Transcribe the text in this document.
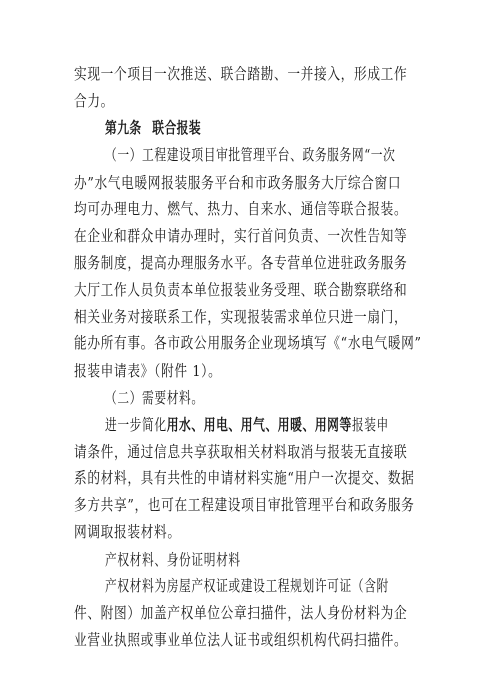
实现一个项目一次推送、联合踏勘、一并接入，形成工作
合力。
第九条 联合报装
（一）工程建设项目审批管理平台、政务服务网“一次
办”水气电暖网报装服务平台和市政务服务大厅综合窗口
均可办理电力、燃气、热力、自来水、通信等联合报装。
在企业和群众申请办理时，实行首问负责、一次性告知等
服务制度，提高办理服务水平。各专营单位进驻政务服务
大厅工作人员负责本单位报装业务受理、联合勘察联络和
相关业务对接联系工作，实现报装需求单位只进一扇门，
能办所有事。各市政公用服务企业现场填写《“水电气暖网”
报装申请表》（附件 1）。
（二）需要材料。
进一步简化用水、用电、用气、用暖、用网等报装申
请条件，通过信息共享获取相关材料取消与报装无直接联
系的材料，具有共性的申请材料实施“用户一次提交、数据
多方共享”，也可在工程建设项目审批管理平台和政务服务
网调取报装材料。
产权材料、身份证明材料
产权材料为房屋产权证或建设工程规划许可证（含附
件、附图）加盖产权单位公章扫描件，法人身份材料为企
业营业执照或事业单位法人证书或组织机构代码扫描件。
